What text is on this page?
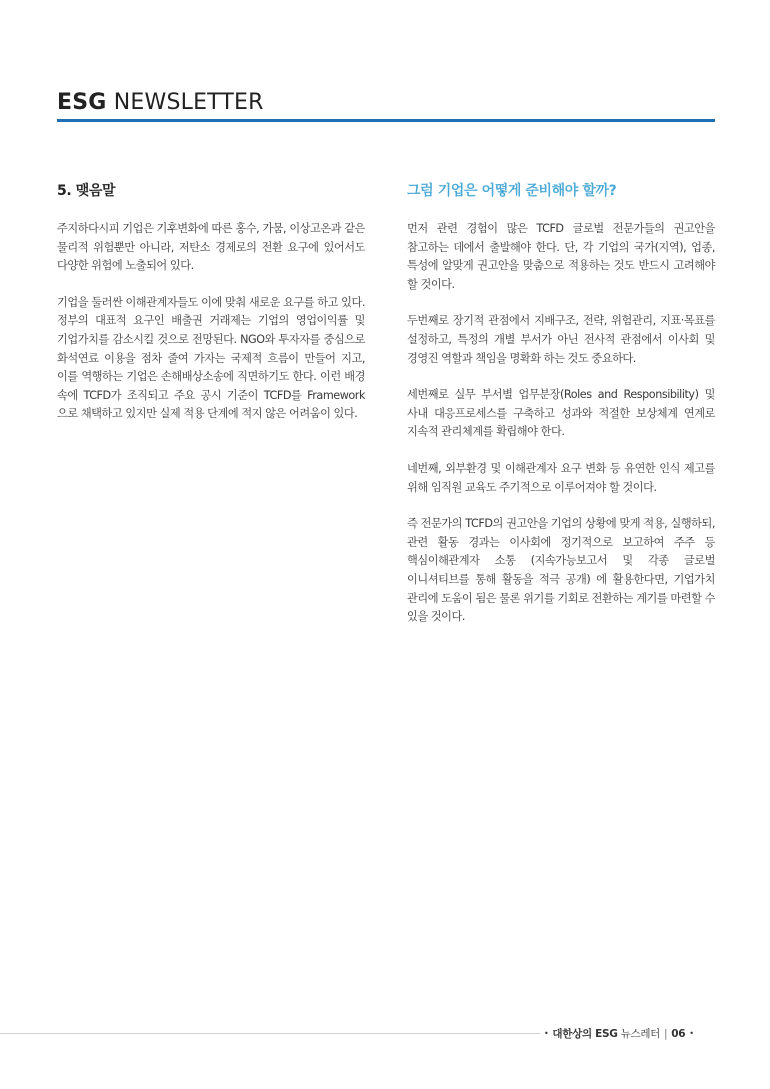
ESG NEWSLETTER
5. 맺음말

주지하다시피 기업은 기후변화에 따른 홍수, 가뭄, 이상고온과 같은 물리적 위험뿐만 아니라, 저탄소 경제로의 전환 요구에 있어서도 다양한 위험에 노출되어 있다.

기업을 둘러싼 이해관계자들도 이에 맞춰 새로운 요구를 하고 있다. 정부의 대표적 요구인 배출권 거래제는 기업의 영업이익률 및 기업가치를 감소시킬 것으로 전망된다. NGO와 투자자를 중심으로 화석연료 이용을 점차 줄여 가자는 국제적 흐름이 만들어 지고, 이를 역행하는 기업은 손해배상소송에 직면하기도 한다. 이런 배경 속에 TCFD가 조직되고 주요 공시 기준이 TCFD를 Framework 으로 채택하고 있지만 실제 적용 단계에 적지 않은 어려움이 있다.

그럼 기업은 어떻게 준비해야 할까?

먼저 관련 경험이 많은 TCFD 글로벌 전문가들의 권고안을 참고하는 데에서 출발해야 한다. 단, 각 기업의 국가(지역), 업종, 특성에 알맞게 권고안을 맞춤으로 적용하는 것도 반드시 고려해야 할 것이다.

두번째로 장기적 관점에서 지배구조, 전략, 위험관리, 지표·목표를 설정하고, 특정의 개별 부서가 아닌 전사적 관점에서 이사회 및 경영진 역할과 책임을 명확화 하는 것도 중요하다.

세번째로 실무 부서별 업무분장(Roles and Responsibility) 및 사내 대응프로세스를 구축하고 성과와 적절한 보상체계 연계로 지속적 관리체계를 확립해야 한다.

네번째, 외부환경 및 이해관계자 요구 변화 등 유연한 인식 제고를 위해 임직원 교육도 주기적으로 이루어져야 할 것이다.

즉 전문가의 TCFD의 권고안을 기업의 상황에 맞게 적용, 실행하되, 관련 활동 경과는 이사회에 정기적으로 보고하여 주주 등 핵심이해관계자 소통 (지속가능보고서 및 각종 글로벌 이니셔티브를 통해 활동을 적극 공개) 에 활용한다면, 기업가치 관리에 도움이 됨은 물론 위기를 기회로 전환하는 계기를 마련할 수 있을 것이다.

• 대한상의 ESG 뉴스레터 | 06 •
